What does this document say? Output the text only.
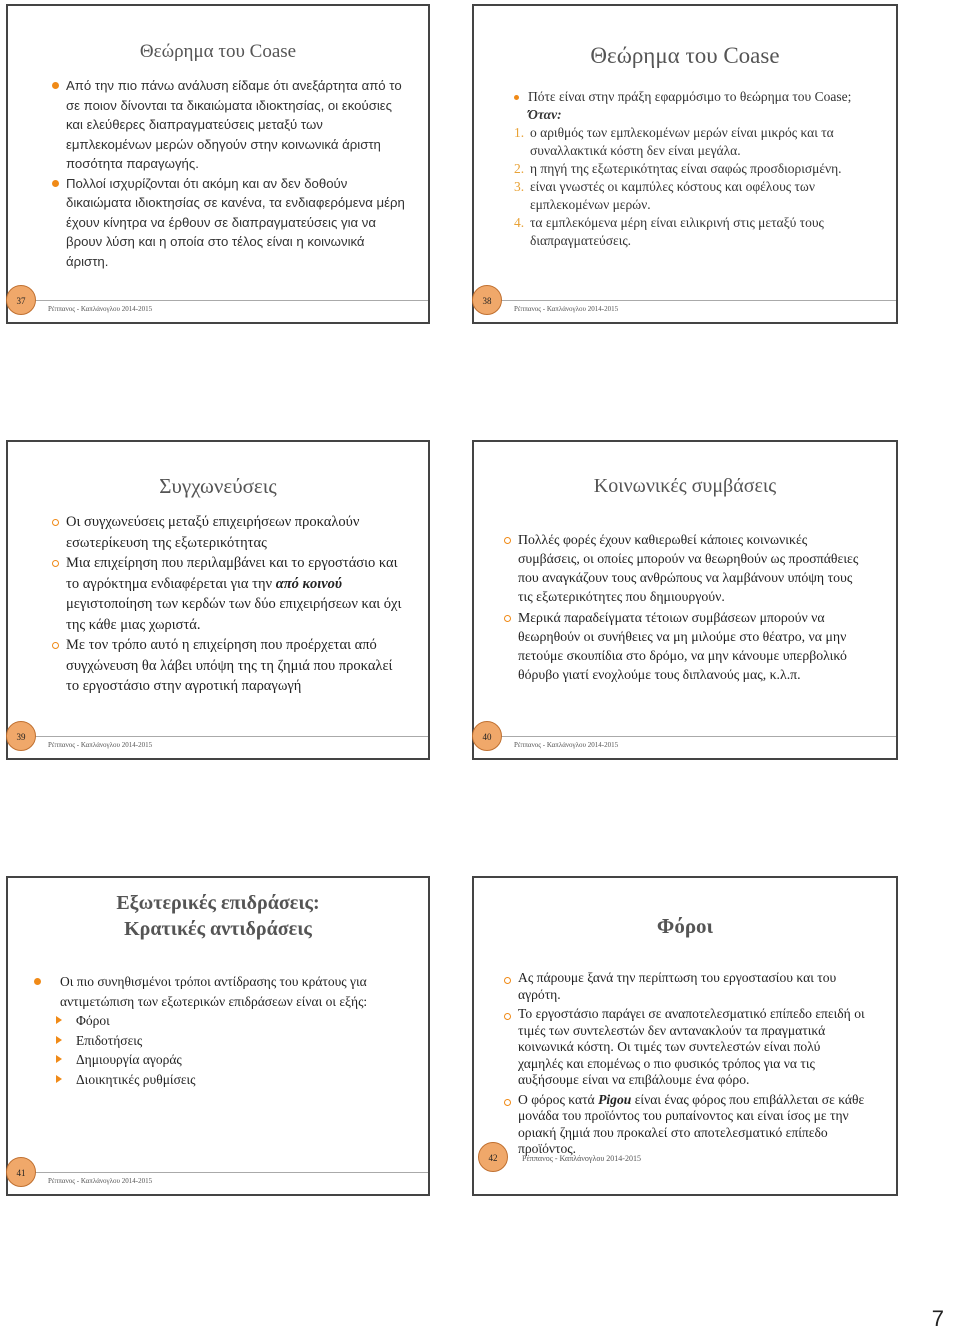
Θεώρημα του Coase
Από την πιο πάνω ανάλυση είδαμε ότι ανεξάρτητα από το σε ποιον δίνονται τα δικαιώματα ιδιοκτησίας, οι εκούσιες και ελεύθερες διαπραγματεύσεις μεταξύ των εμπλεκομένων μερών οδηγούν στην κοινωνικά άριστη ποσότητα παραγωγής.
Πολλοί ισχυρίζονται ότι ακόμη και αν δεν δοθούν δικαιώματα ιδιοκτησίας σε κανένα, τα ενδιαφερόμενα μέρη έχουν κίνητρα να έρθουν σε διαπραγματεύσεις για να βρουν λύση και η οποία στο τέλος είναι η κοινωνικά άριστη.
37
Ρέππανος - Καπλάνογλου 2014-2015
Θεώρημα του Coase
Πότε είναι στην πράξη εφαρμόσιμο το θεώρημα του Coase; Όταν:
1. ο αριθμός των εμπλεκομένων μερών είναι μικρός και τα συναλλακτικά κόστη δεν είναι μεγάλα.
2. η πηγή της εξωτερικότητας είναι σαφώς προσδιορισμένη.
3. είναι γνωστές οι καμπύλες κόστους και οφέλους των εμπλεκομένων μερών.
4. τα εμπλεκόμενα μέρη είναι ειλικρινή στις μεταξύ τους διαπραγματεύσεις.
38
Ρέππανος - Καπλάνογλου 2014-2015
Συγχωνεύσεις
Οι συγχωνεύσεις μεταξύ επιχειρήσεων προκαλούν εσωτερίκευση της εξωτερικότητας
Μια επιχείρηση που περιλαμβάνει και το εργοστάσιο και το αγρόκτημα ενδιαφέρεται για την από κοινού μεγιστοποίηση των κερδών των δύο επιχειρήσεων και όχι της κάθε μιας χωριστά.
Με τον τρόπο αυτό η επιχείρηση που προέρχεται από συγχώνευση θα λάβει υπόψη της τη ζημιά που προκαλεί το εργοστάσιο στην αγροτική παραγωγή
39
Ρέππανος - Καπλάνογλου 2014-2015
Κοινωνικές συμβάσεις
Πολλές φορές έχουν καθιερωθεί κάποιες κοινωνικές συμβάσεις, οι οποίες μπορούν να θεωρηθούν ως προσπάθειες που αναγκάζουν τους ανθρώπους να λαμβάνουν υπόψη τους τις εξωτερικότητες που δημιουργούν.
Μερικά παραδείγματα τέτοιων συμβάσεων μπορούν να θεωρηθούν οι συνήθειες να μη μιλούμε στο θέατρο, να μην πετούμε σκουπίδια στο δρόμο, να μην κάνουμε υπερβολικό θόρυβο γιατί ενοχλούμε τους διπλανούς μας, κ.λ.π.
40
Ρέππανος - Καπλάνογλου 2014-2015
Εξωτερικές επιδράσεις:
Κρατικές αντιδράσεις
Οι πιο συνηθισμένοι τρόποι αντίδρασης του κράτους για αντιμετώπιση των εξωτερικών επιδράσεων είναι οι εξής:
Φόροι
Επιδοτήσεις
Δημιουργία αγοράς
Διοικητικές ρυθμίσεις
41
Ρέππανος - Καπλάνογλου 2014-2015
Φόροι
Ας πάρουμε ξανά την περίπτωση του εργοστασίου και του αγρότη.
Το εργοστάσιο παράγει σε αναποτελεσματικό επίπεδο επειδή οι τιμές των συντελεστών δεν αντανακλούν τα πραγματικά κοινωνικά κόστη. Οι τιμές των συντελεστών είναι πολύ χαμηλές και επομένως ο πιο φυσικός τρόπος για να τις αυξήσουμε είναι να επιβάλουμε ένα φόρο.
Ο φόρος κατά Pigou είναι ένας φόρος που επιβάλλεται σε κάθε μονάδα του προϊόντος του ρυπαίνοντος και είναι ίσος με την οριακή ζημιά που προκαλεί στο αποτελεσματικό επίπεδο προϊόντος.
42	Ρέππανος - Καπλάνογλου 2014-2015
7
